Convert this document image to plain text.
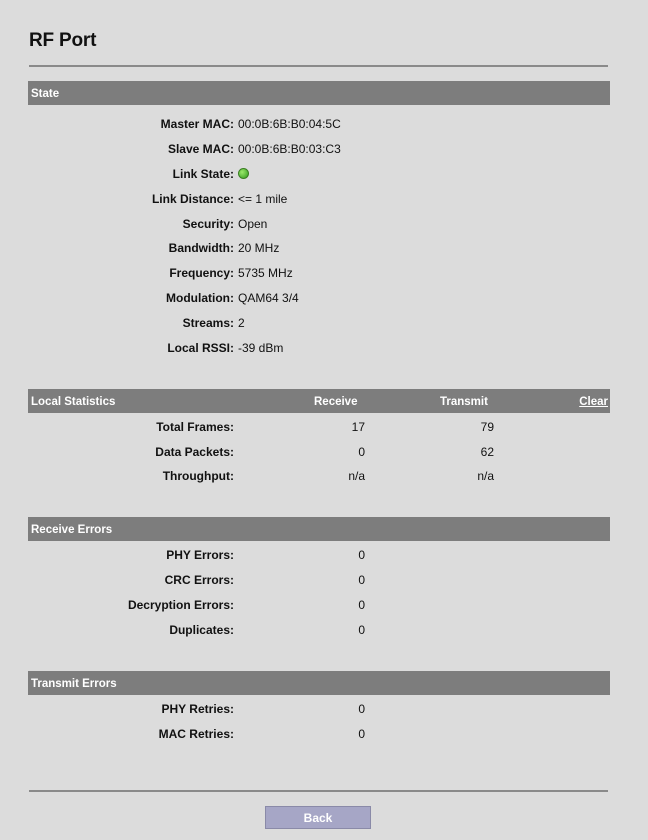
RF Port
State
Master MAC: 00:0B:6B:B0:04:5C
Slave MAC: 00:0B:6B:B0:03:C3
Link State:
Link Distance: <= 1 mile
Security: Open
Bandwidth: 20 MHz
Frequency: 5735 MHz
Modulation: QAM64 3/4
Streams: 2
Local RSSI: -39 dBm
Local Statistics	Receive	Transmit	Clear
Total Frames:	17	79
Data Packets:	0	62
Throughput:	n/a	n/a
Receive Errors
PHY Errors:	0
CRC Errors:	0
Decryption Errors:	0
Duplicates:	0
Transmit Errors
PHY Retries:	0
MAC Retries:	0
Back
